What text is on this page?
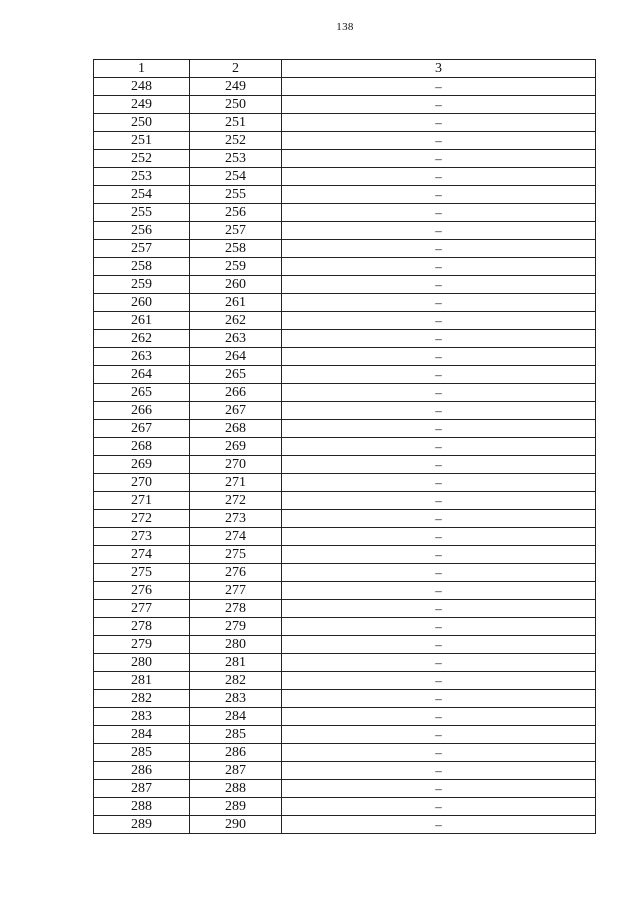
138
1	2	3
248	249	–
249	250	–
250	251	–
251	252	–
252	253	–
253	254	–
254	255	–
255	256	–
256	257	–
257	258	–
258	259	–
259	260	–
260	261	–
261	262	–
262	263	–
263	264	–
264	265	–
265	266	–
266	267	–
267	268	–
268	269	–
269	270	–
270	271	–
271	272	–
272	273	–
273	274	–
274	275	–
275	276	–
276	277	–
277	278	–
278	279	–
279	280	–
280	281	–
281	282	–
282	283	–
283	284	–
284	285	–
285	286	–
286	287	–
287	288	–
288	289	–
289	290	–
